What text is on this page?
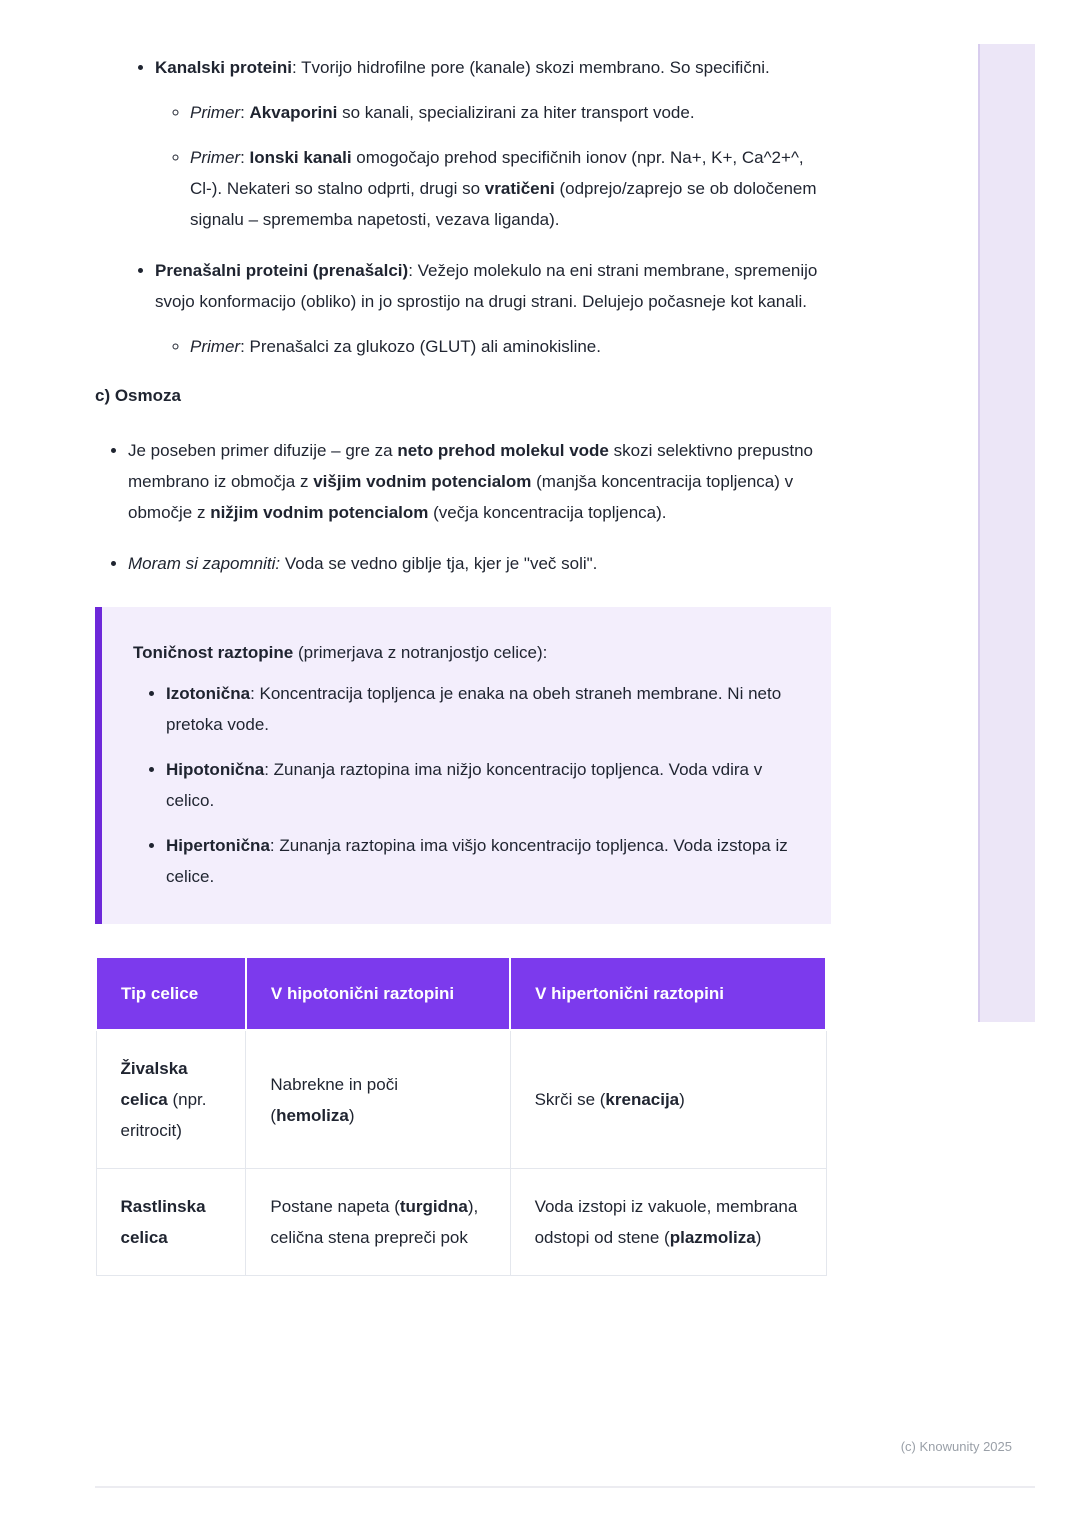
• Kanalski proteini: Tvorijo hidrofilne pore (kanale) skozi membrano. So specifični.

◦ Primer: Akvaporini so kanali, specializirani za hiter transport vode.

◦ Primer: Ionski kanali omogočajo prehod specifičnih ionov (npr. Na+, K+, Ca^2+^, Cl-). Nekateri so stalno odprti, drugi so vratičeni (odprejo/zaprejo se ob določenem signalu – sprememba napetosti, vezava liganda).

• Prenašalni proteini (prenašalci): Vežejo molekulo na eni strani membrane, spremenijo svojo konformacijo (obliko) in jo sprostijo na drugi strani. Delujejo počasneje kot kanali.

◦ Primer: Prenašalci za glukozo (GLUT) ali aminokisline.

c) Osmoza

• Je poseben primer difuzije – gre za neto prehod molekul vode skozi selektivno prepustno membrano iz območja z višjim vodnim potencialom (manjša koncentracija topljenca) v območje z nižjim vodnim potencialom (večja koncentracija topljenca).

• Moram si zapomniti: Voda se vedno giblje tja, kjer je "več soli".

Toničnost raztopine (primerjava z notranjostjo celice):

• Izotonična: Koncentracija topljenca je enaka na obeh straneh membrane. Ni neto pretoka vode.

• Hipotonična: Zunanja raztopina ima nižjo koncentracijo topljenca. Voda vdira v celico.

• Hipertonična: Zunanja raztopina ima višjo koncentracijo topljenca. Voda izstopa iz celice.

Tip celice	V hipotonični raztopini	V hipertonični raztopini
Živalska celica (npr. eritrocit)	Nabrekne in poči (hemoliza)	Skrči se (krenacija)
Rastlinska celica	Postane napeta (turgidna), celična stena prepreči pok	Voda izstopi iz vakuole, membrana odstopi od stene (plazmoliza)
(c) Knowunity 2025
